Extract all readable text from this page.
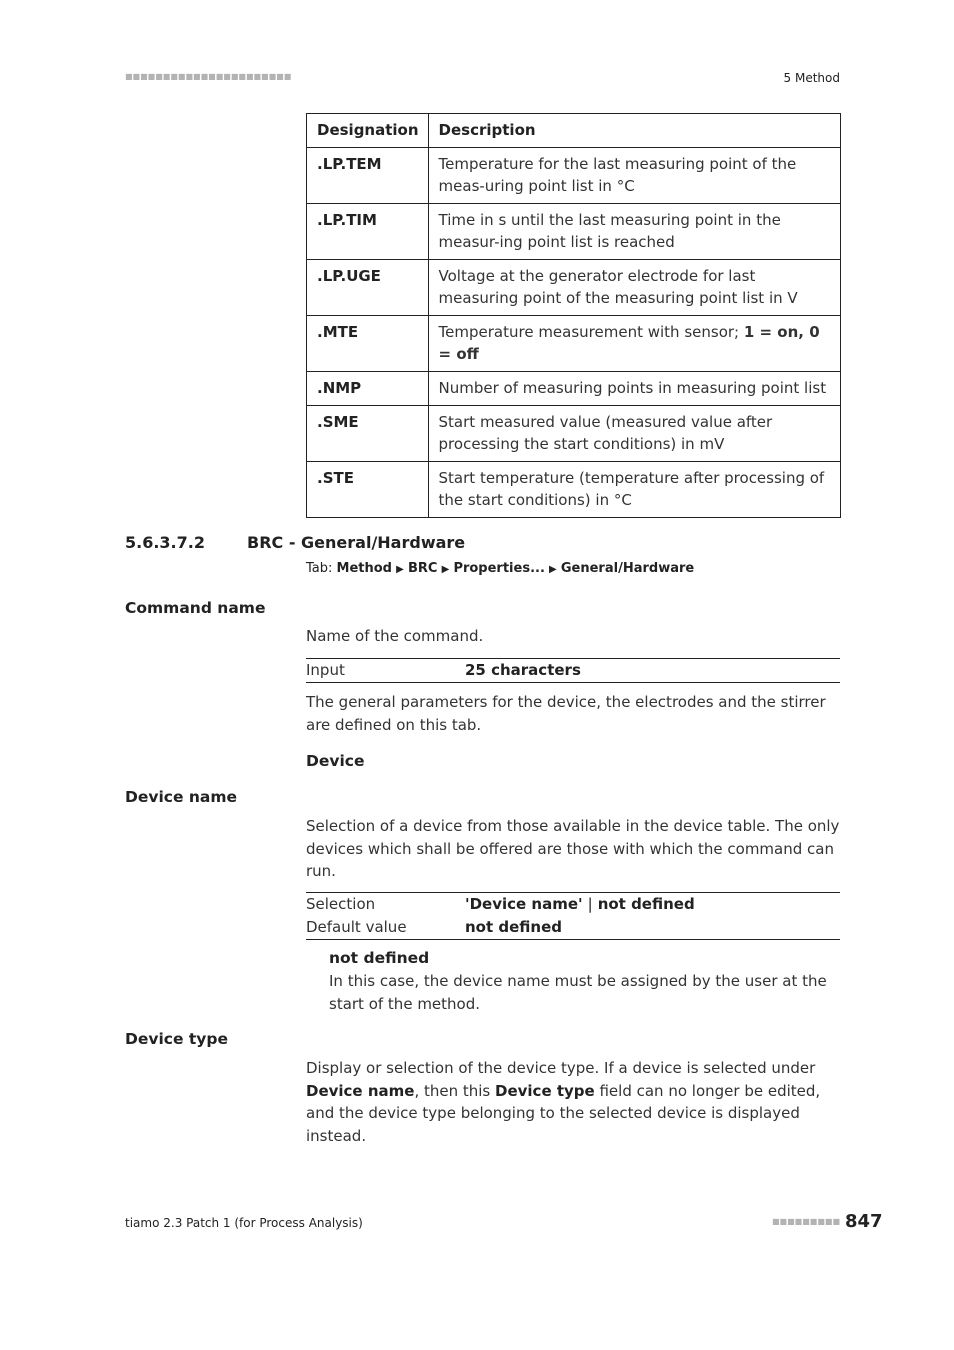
■■■■■■■■■■■■■■■■■■■■■■	5 Method
Designation	Description
.LP.TEM	Temperature for the last measuring point of the meas-uring point list in °C
.LP.TIM	Time in s until the last measuring point in the measur-ing point list is reached
.LP.UGE	Voltage at the generator electrode for last measuring point of the measuring point list in V
.MTE	Temperature measurement with sensor; 1 = on, 0 = off
.NMP	Number of measuring points in measuring point list
.SME	Start measured value (measured value after processing the start conditions) in mV
.STE	Start temperature (temperature after processing of the start conditions) in °C
5.6.3.7.2	BRC - General/Hardware
Tab: Method ▶ BRC ▶ Properties... ▶ General/Hardware
Command name
Name of the command.
Input	25 characters
The general parameters for the device, the electrodes and the stirrer are defined on this tab.
Device
Device name
Selection of a device from those available in the device table. The only devices which shall be offered are those with which the command can run.
Selection	'Device name' | not defined
Default value	not defined
not defined
In this case, the device name must be assigned by the user at the start of the method.
Device type
Display or selection of the device type. If a device is selected under Device name, then this Device type field can no longer be edited, and the device type belonging to the selected device is displayed instead.
tiamo 2.3 Patch 1 (for Process Analysis)	■■■■■■■■■ 847
